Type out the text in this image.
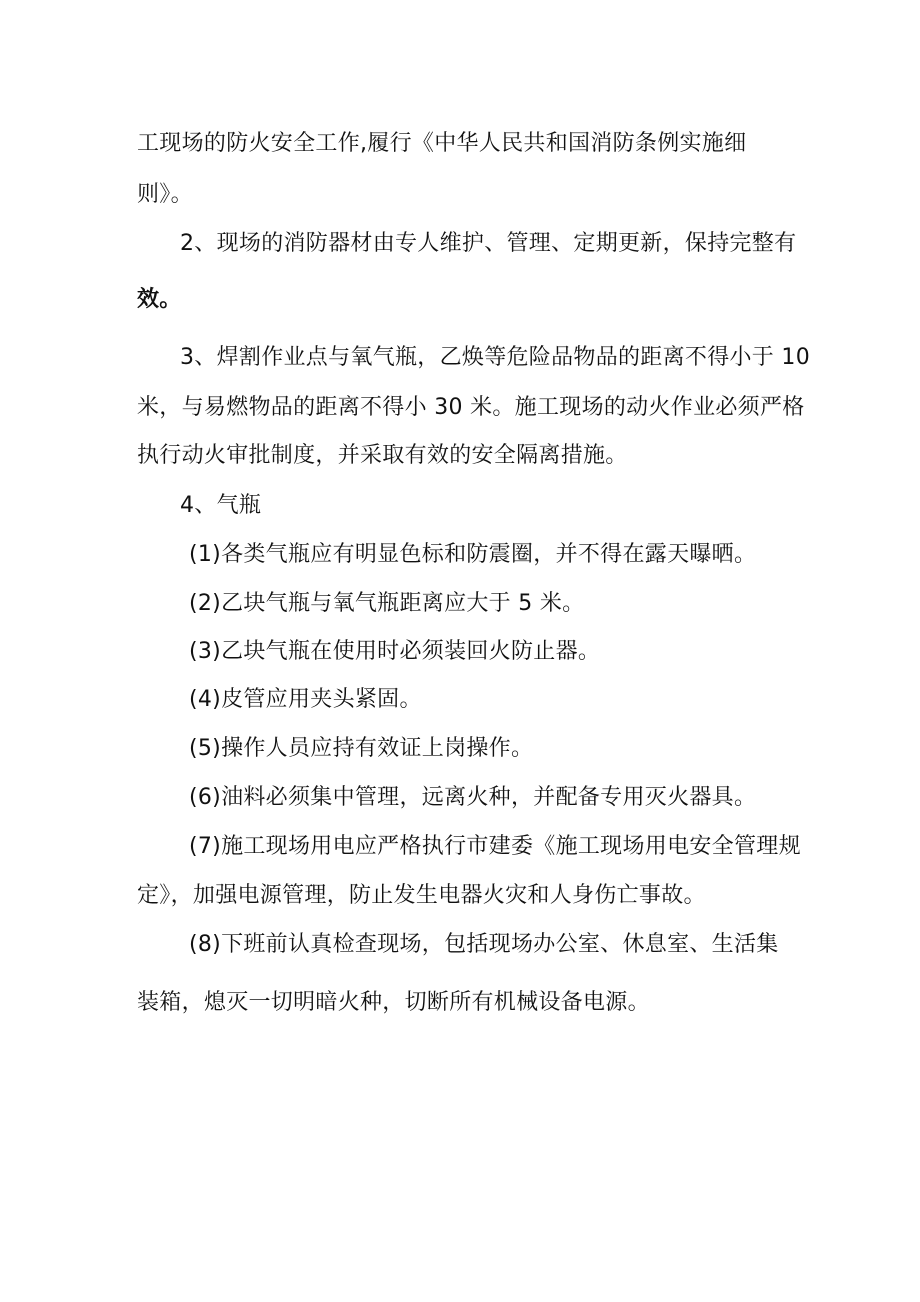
工现场的防火安全工作,履行《中华人民共和国消防条例实施细
则》。
2、现场的消防器材由专人维护、管理、定期更新，保持完整有
效。
3、焊割作业点与氧气瓶，乙焕等危险品物品的距离不得小于 10
米，与易燃物品的距离不得小 30 米。施工现场的动火作业必须严格
执行动火审批制度，并采取有效的安全隔离措施。
4、气瓶
(1)各类气瓶应有明显色标和防震圈，并不得在露天曝晒。
(2)乙块气瓶与氧气瓶距离应大于 5 米。
(3)乙块气瓶在使用时必须装回火防止器。
(4)皮管应用夹头紧固。
(5)操作人员应持有效证上岗操作。
(6)油料必须集中管理，远离火种，并配备专用灭火器具。
(7)施工现场用电应严格执行市建委《施工现场用电安全管理规
定》，加强电源管理，防止发生电器火灾和人身伤亡事故。
(8)下班前认真检查现场，包括现场办公室、休息室、生活集
装箱，熄灭一切明暗火种，切断所有机械设备电源。
